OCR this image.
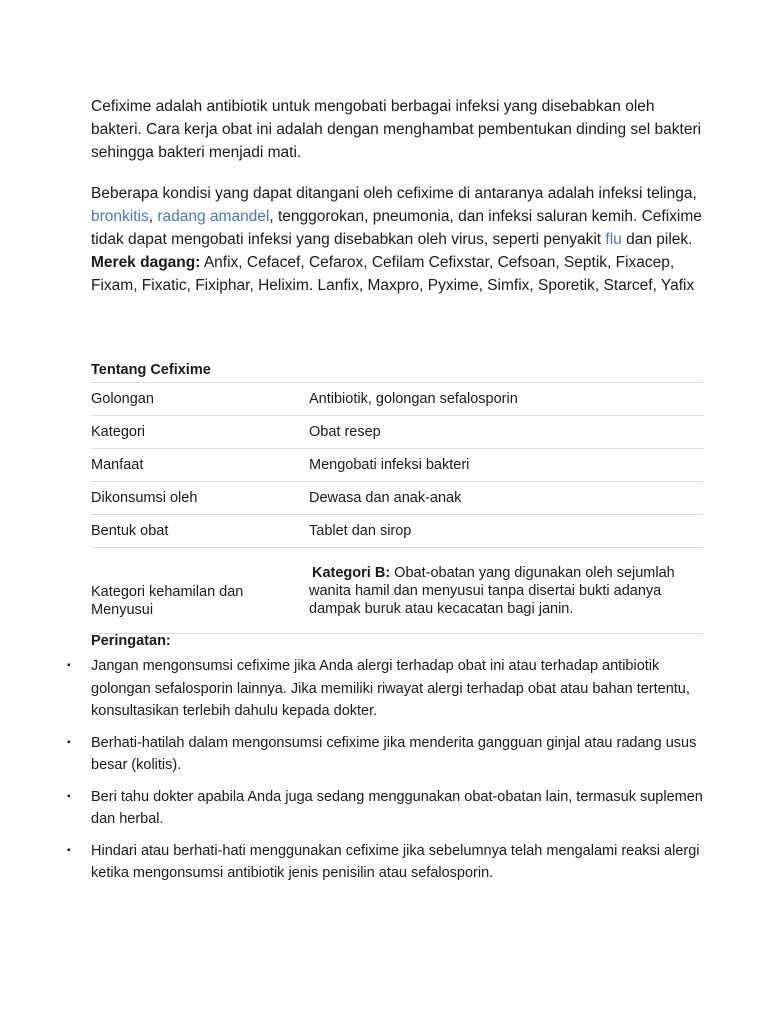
Cefixime adalah antibiotik untuk mengobati berbagai infeksi yang disebabkan oleh bakteri. Cara kerja obat ini adalah dengan menghambat pembentukan dinding sel bakteri sehingga bakteri menjadi mati.

Beberapa kondisi yang dapat ditangani oleh cefixime di antaranya adalah infeksi telinga, bronkitis, radang amandel, tenggorokan, pneumonia, dan infeksi saluran kemih. Cefixime tidak dapat mengobati infeksi yang disebabkan oleh virus, seperti penyakit flu dan pilek.

Merek dagang: Anfix, Cefacef, Cefarox, Cefilam Cefixstar, Cefsoan, Septik, Fixacep, Fixam, Fixatic, Fixiphar, Helixim. Lanfix, Maxpro, Pyxime, Simfix, Sporetik, Starcef, Yafix

Tentang Cefixime

Golongan	Antibiotik, golongan sefalosporin
Kategori	Obat resep
Manfaat	Mengobati infeksi bakteri
Dikonsumsi oleh	Dewasa dan anak-anak
Bentuk obat	Tablet dan sirop
Kategori kehamilan dan Menyusui	Kategori B: Obat-obatan yang digunakan oleh sejumlah
wanita hamil dan menyusui tanpa disertai bukti adanya dampak buruk atau kecacatan bagi janin.

Peringatan:

▪ Jangan mengonsumsi cefixime jika Anda alergi terhadap obat ini atau terhadap antibiotik golongan sefalosporin lainnya. Jika memiliki riwayat alergi terhadap obat atau bahan tertentu, konsultasikan terlebih dahulu kepada dokter.
▪ Berhati-hatilah dalam mengonsumsi cefixime jika menderita gangguan ginjal atau radang usus besar (kolitis).
▪ Beri tahu dokter apabila Anda juga sedang menggunakan obat-obatan lain, termasuk suplemen dan herbal.
▪ Hindari atau berhati-hati menggunakan cefixime jika sebelumnya telah mengalami reaksi alergi ketika mengonsumsi antibiotik jenis penisilin atau sefalosporin.
